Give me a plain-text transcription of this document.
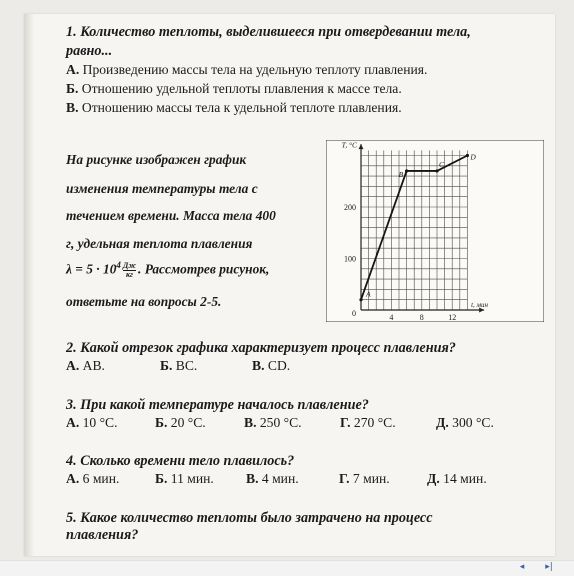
1. Количество теплоты, выделившееся при отвердевании тела,
равно...
А. Произведению массы тела на удельную теплоту плавления.
Б. Отношению удельной теплоты плавления к массе тела.
В. Отношению массы тела к удельной теплоте плавления.
На рисунке изображен график
изменения температуры тела с
течением времени. Масса тела 400
г, удельная теплота плавления
$\lambda = 5 \cdot 10^4$ Дж
кг . Рассмотрев рисунок,
ответьте на вопросы 2-5.
4	8	12
100
200
0
t, мин
T, °C
A
B
C
D
2. Какой отрезок графика характеризует процесс плавления?
А. АВ.	Б. ВС.	В. CD.
3. При какой температуре началось плавление?
А. 10 °С.	Б. 20 °С.	В. 250 °С.	Г. 270 °С.	Д. 300 °С.
4. Сколько времени тело плавилось?
А. 6 мин.	Б. 11 мин. В. 4 мин.	Г. 7 мин.	Д. 14 мин.
5. Какое количество теплоты было затрачено на процесс
плавления?
◂	▸|
